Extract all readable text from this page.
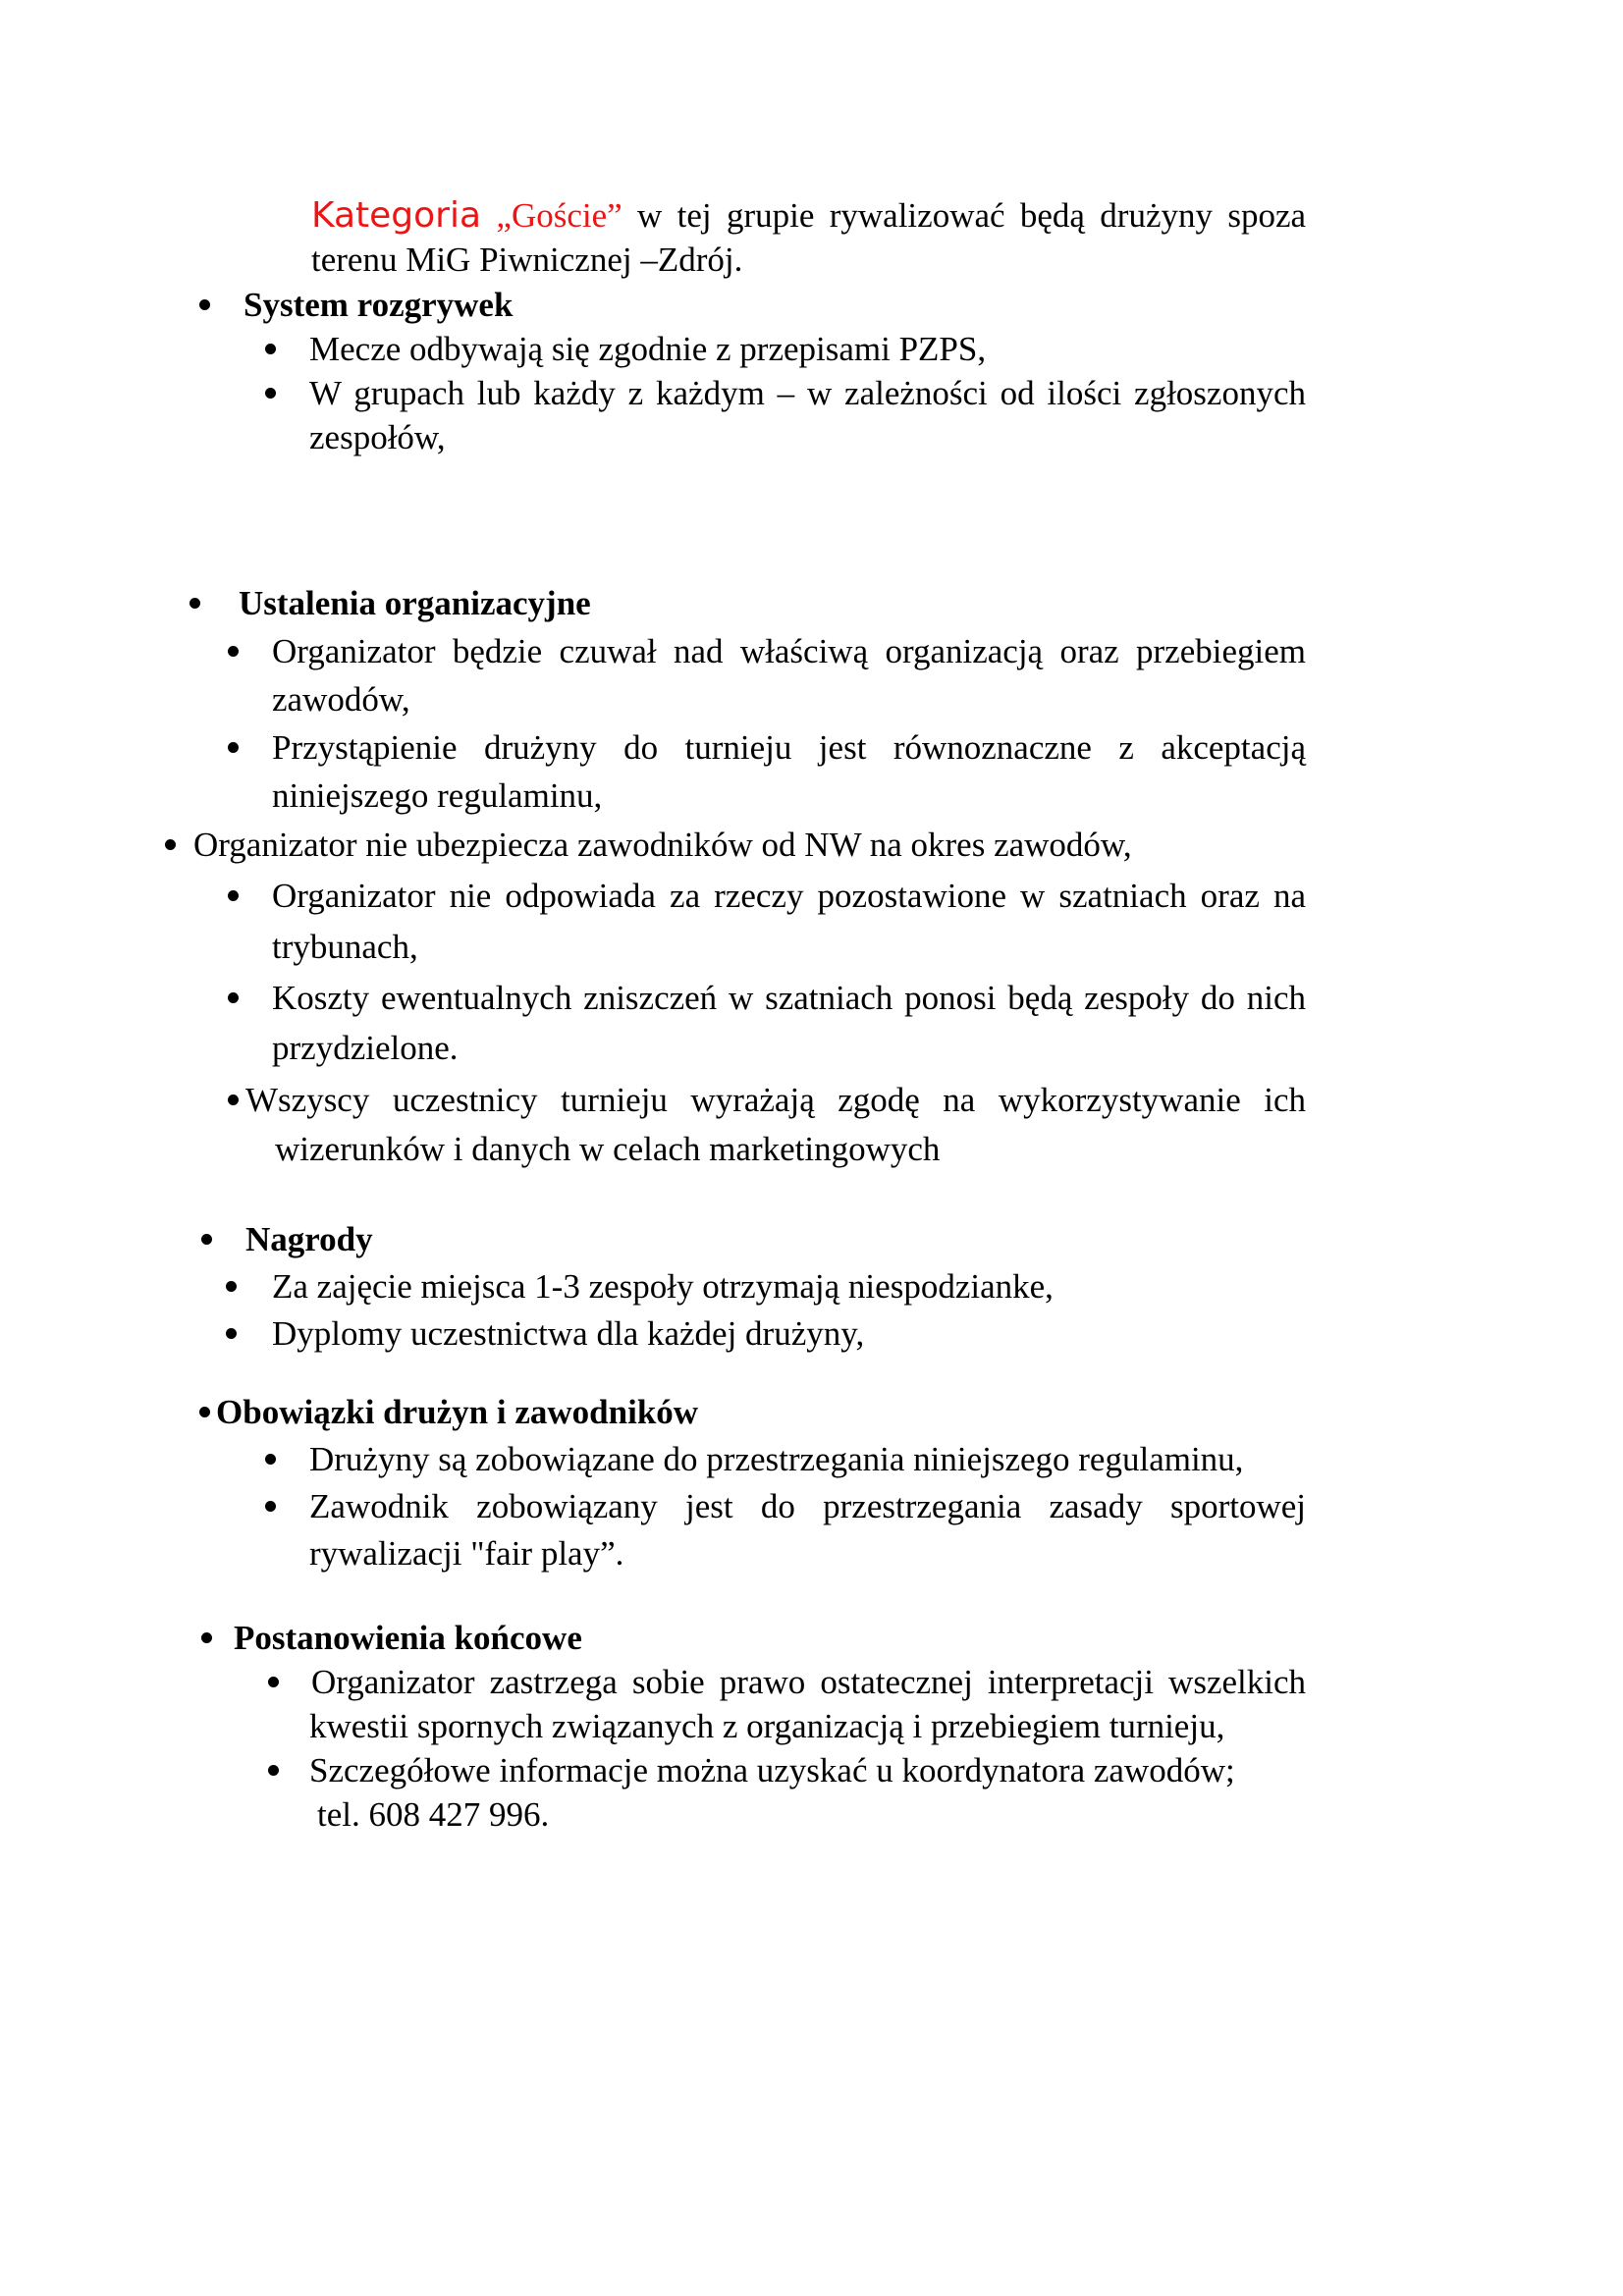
Kategoria „Goście” w tej grupie rywalizować będą drużyny spoza
terenu MiG Piwnicznej –Zdrój.
System rozgrywek
Mecze odbywają się zgodnie z przepisami PZPS,
W grupach lub każdy z każdym – w zależności od ilości zgłoszonych
zespołów,
Ustalenia organizacyjne
Organizator będzie czuwał nad właściwą organizacją oraz przebiegiem
zawodów,
Przystąpienie drużyny do turnieju jest równoznaczne z akceptacją
niniejszego regulaminu,
Organizator nie ubezpiecza zawodników od NW na okres zawodów,
Organizator nie odpowiada za rzeczy pozostawione w szatniach oraz na
trybunach,
Koszty ewentualnych zniszczeń w szatniach ponosi będą zespoły do nich
przydzielone.
Wszyscy uczestnicy turnieju wyrażają zgodę na wykorzystywanie ich
wizerunków i danych w celach marketingowych
Nagrody
Za zajęcie miejsca 1-3 zespoły otrzymają niespodzianke,
Dyplomy uczestnictwa dla każdej drużyny,
Obowiązki drużyn i zawodników
Drużyny są zobowiązane do przestrzegania niniejszego regulaminu,
Zawodnik zobowiązany jest do przestrzegania zasady sportowej
rywalizacji "fair play”.
Postanowienia końcowe
Organizator zastrzega sobie prawo ostatecznej interpretacji wszelkich
kwestii spornych związanych z organizacją i przebiegiem turnieju,
Szczegółowe informacje można uzyskać u koordynatora zawodów;
tel. 608 427 996.
